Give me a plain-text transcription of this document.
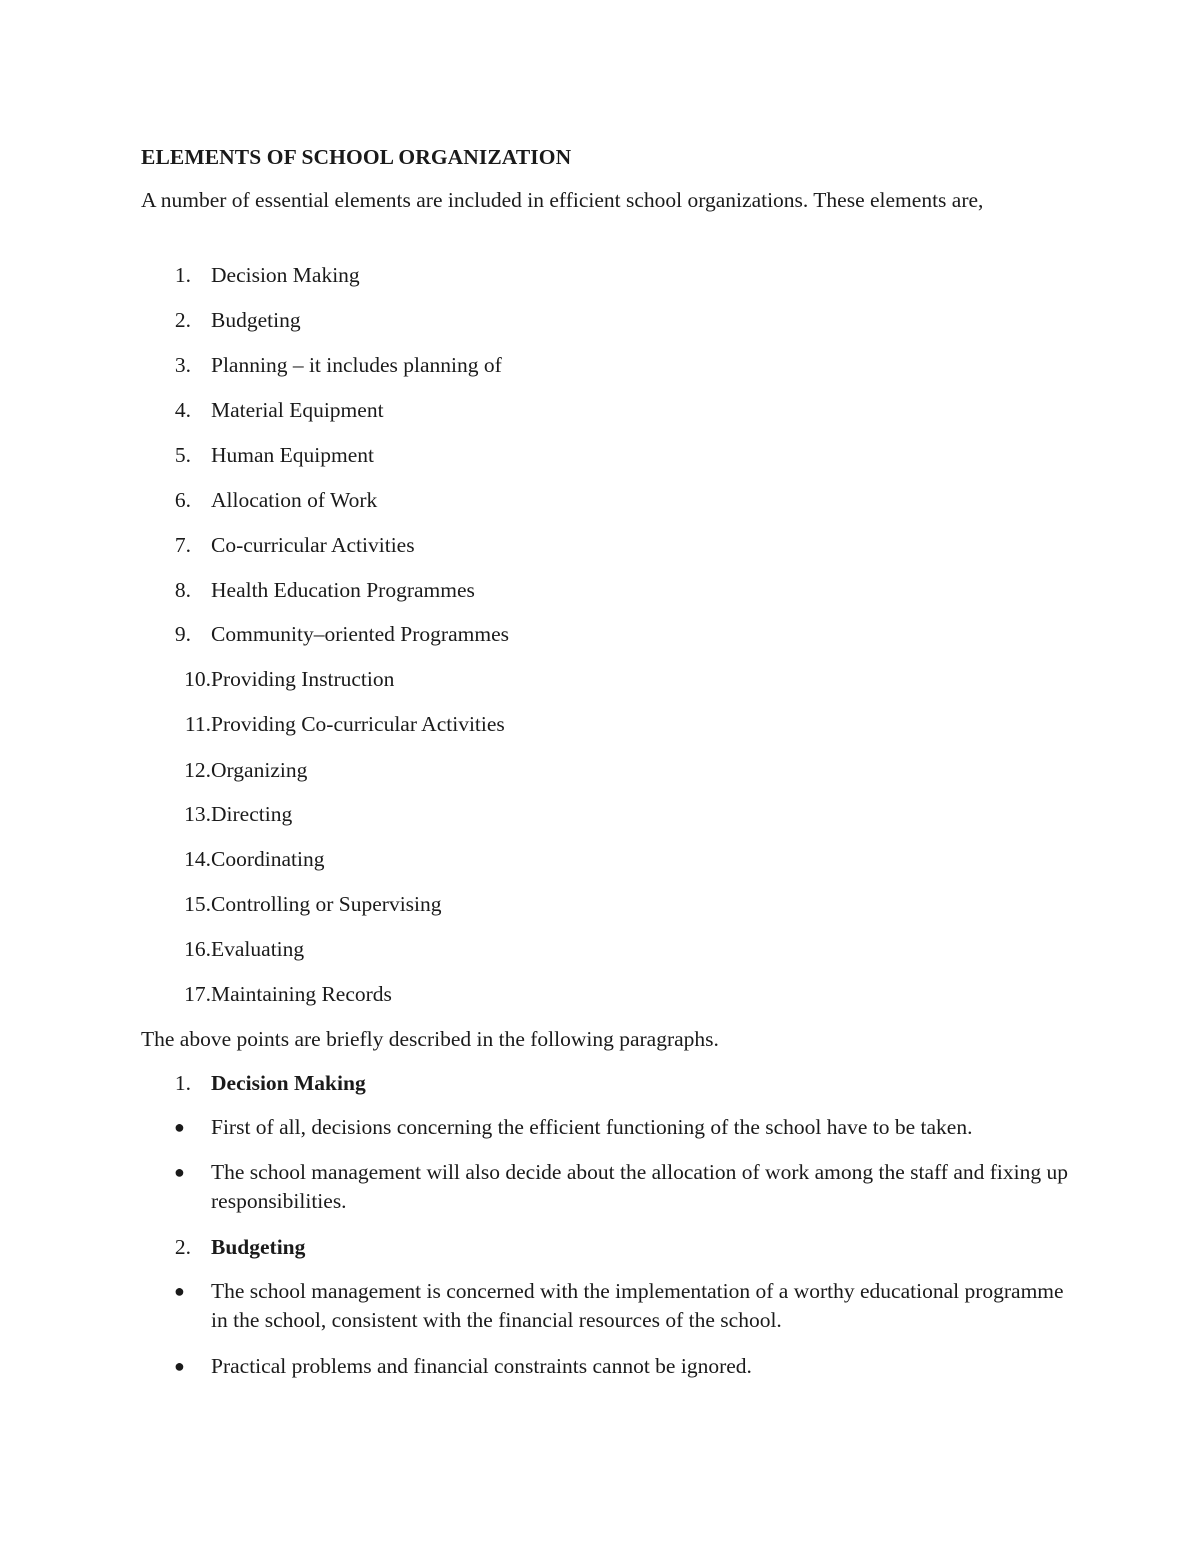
ELEMENTS OF SCHOOL ORGANIZATION
A number of essential elements are included in efficient school organizations. These elements are,
1. Decision Making
2. Budgeting
3. Planning – it includes planning of
4. Material Equipment
5. Human Equipment
6. Allocation of Work
7. Co-curricular Activities
8. Health Education Programmes
9. Community–oriented Programmes
10.Providing Instruction
11.Providing Co-curricular Activities
12.Organizing
13.Directing
14.Coordinating
15.Controlling or Supervising
16.Evaluating
17.Maintaining Records
The above points are briefly described in the following paragraphs.
1. Decision Making
● First of all, decisions concerning the efficient functioning of the school have to be taken.
● The school management will also decide about the allocation of work among the staff and fixing up responsibilities.
2. Budgeting
● The school management is concerned with the implementation of a worthy educational programme in the school, consistent with the financial resources of the school.
● Practical problems and financial constraints cannot be ignored.
